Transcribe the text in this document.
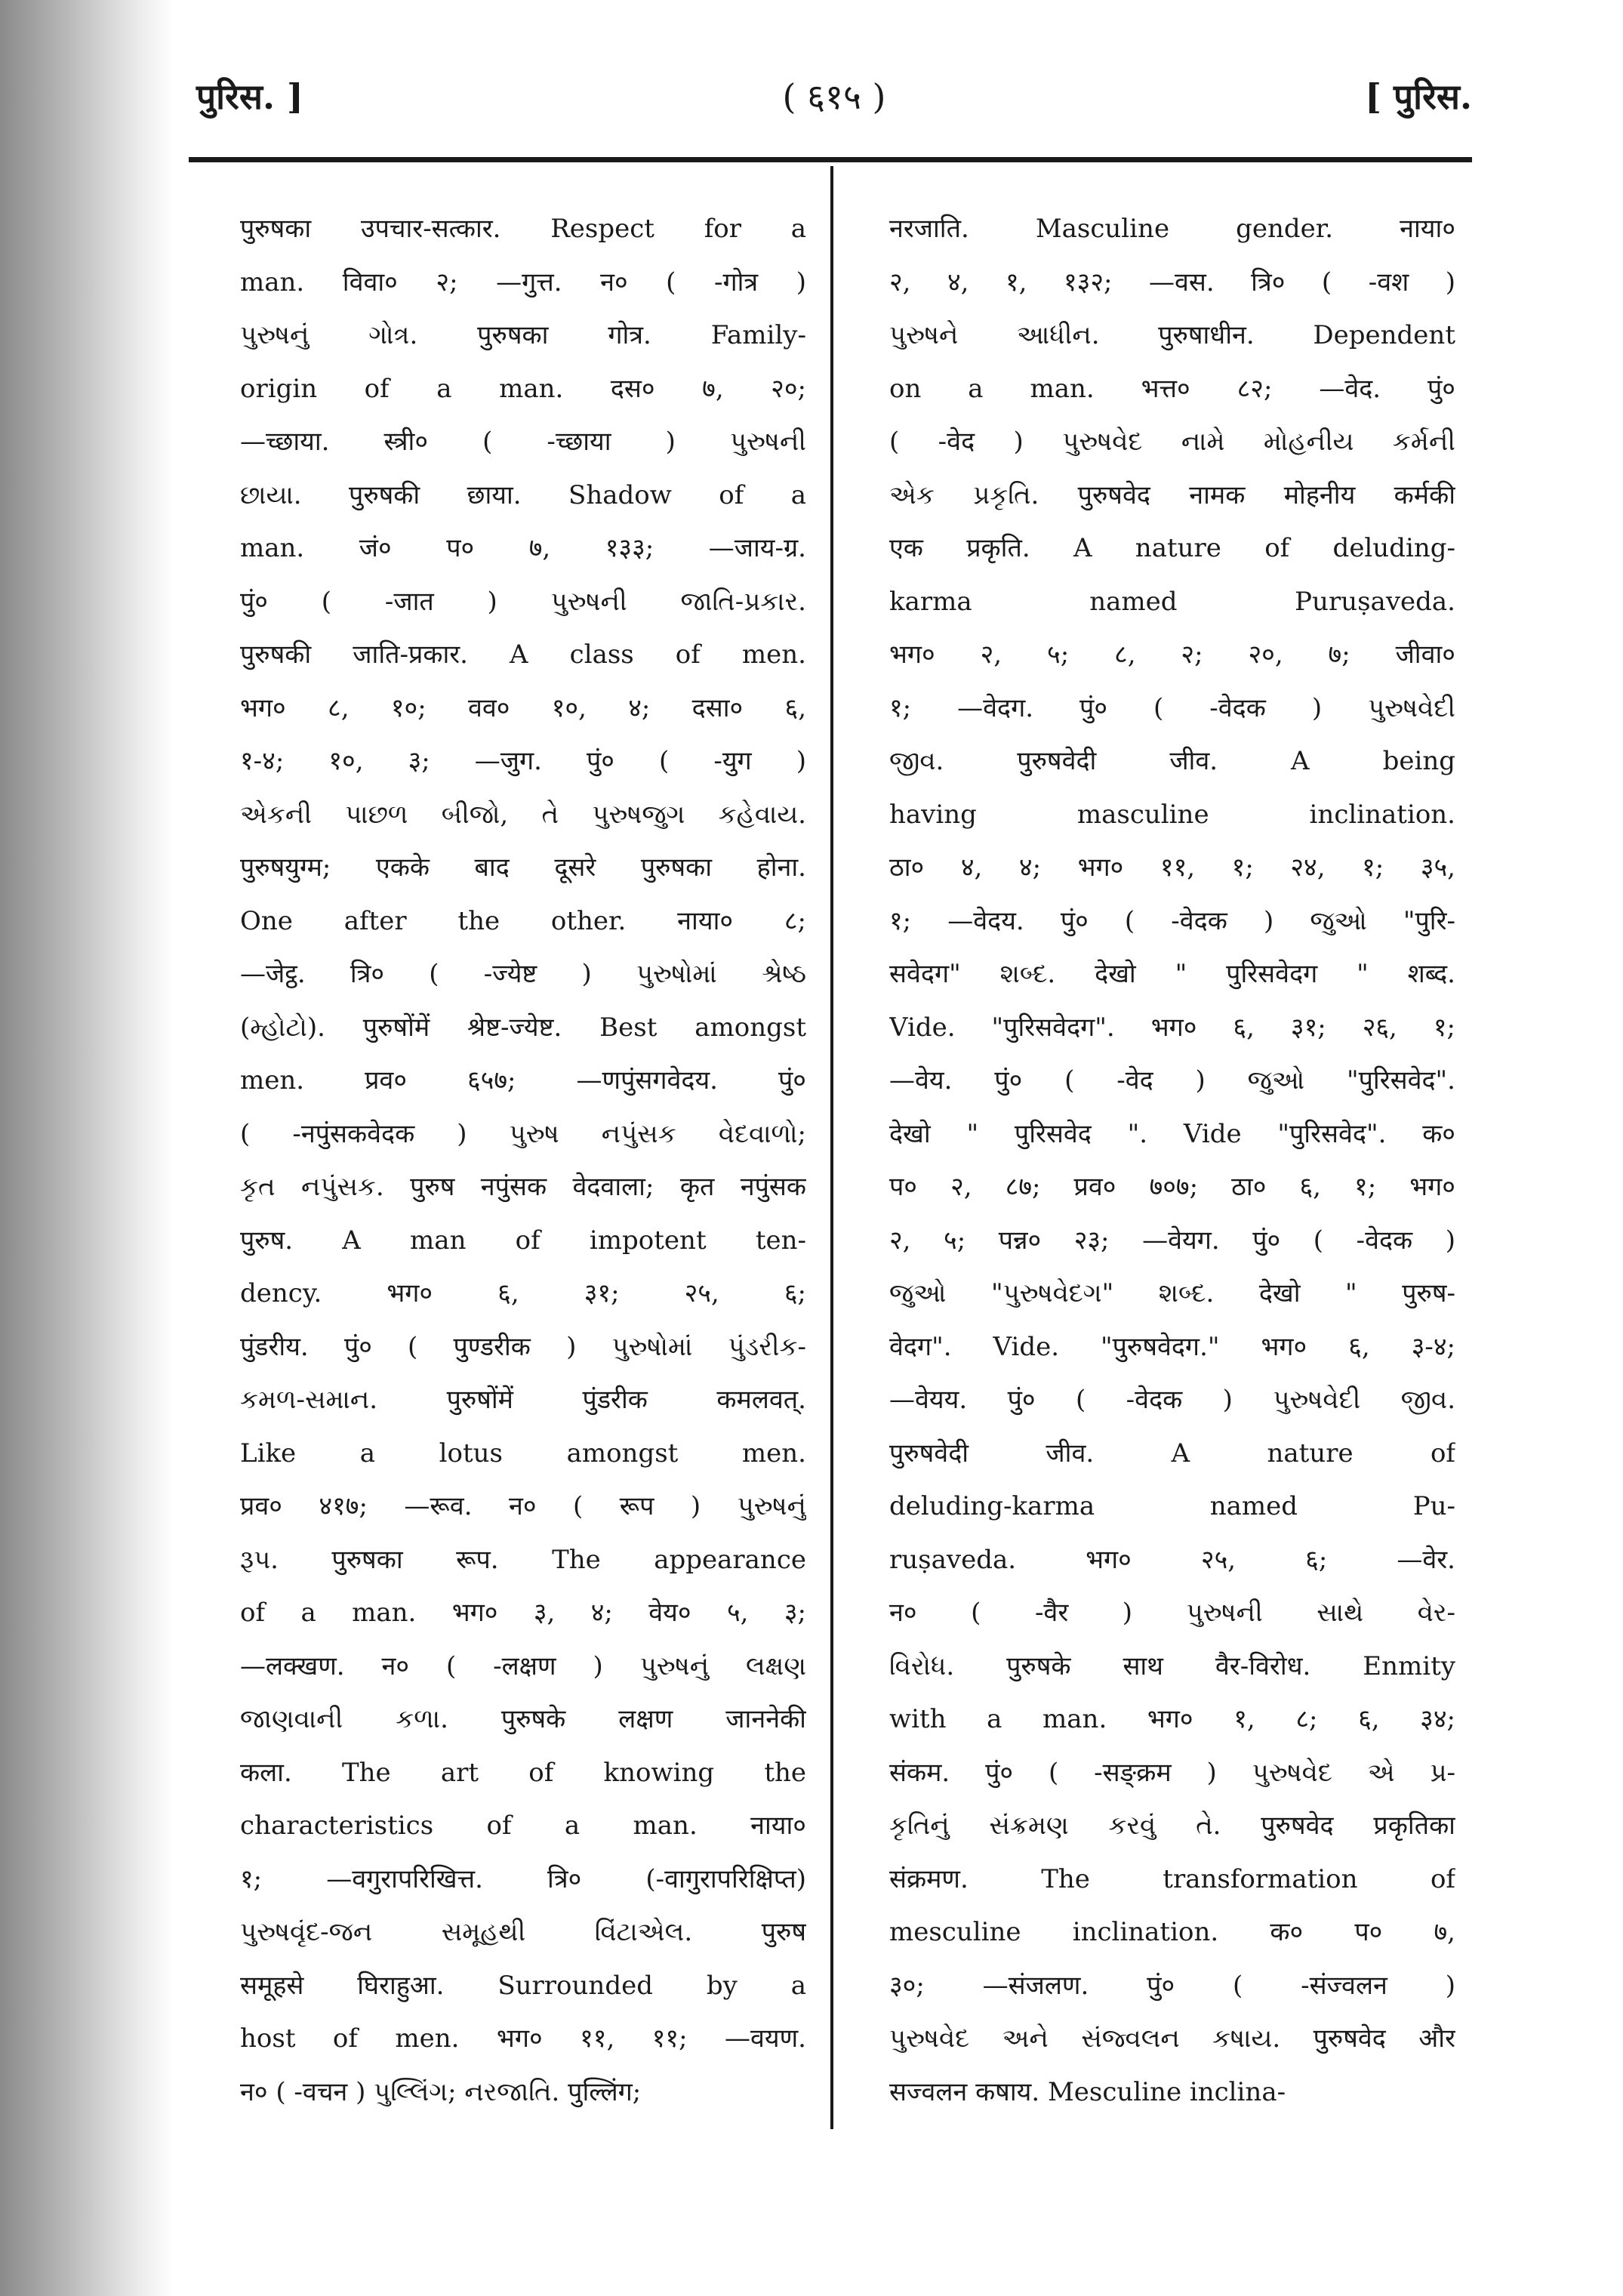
पुरिस. ]	( ६१५ )	[ पुरिस.
पुरुषका उपचार-सत्कार. Respect for a
man. विवा० २; —गुत्त. न० ( -गोत्र )
પુરુષનું ગોત્ર. पुरुषका गोत्र. Family-
origin of a man. दस० ७, २०;
—च्छाया. स्त्री० ( -च्छाया ) પુરુષની
છાયા. पुरुषकी छाया. Shadow of a
man. जं० प० ७, १३३; —जाय-ग्र.
पुं० ( -जात ) પુરુષની જાતિ-પ્રકાર.
पुरुषकी जाति-प्रकार. A class of men.
भग० ८, १०; वव० १०, ४; दसा० ६,
१-४; १०, ३; —जुग. पुं० ( -युग )
એકની પાછળ બીજો, તે પુરુષજુગ કહેવાય.
पुरुषयुग्म; एकके बाद दूसरे पुरुषका होना.
One after the other. नाया० ८;
—जेट्ठ. त्रि० ( -ज्येष्ट ) પુરુષોમાં શ્રેષ્ઠ
(મ્હોટો). पुरुषोंमें श्रेष्ट-ज्येष्ट. Best amongst
men. प्रव० ६५७; —णपुंसगवेदय. पुं०
( -नपुंसकवेदक ) પુરુષ નપુંસક વેદવાળો;
કૃત નપુંસક. पुरुष नपुंसक वेदवाला; कृत नपुंसक
पुरुष. A man of impotent ten-
dency. भग० ६, ३१; २५, ६;
पुंडरीय. पुं० ( पुण्डरीक ) પુરુષોમાં પુંડરીક-
કમળ-સમાન. पुरुषोंमें पुंडरीक कमलवत्.
Like a lotus amongst men.
प्रव० ४१७; —रूव. न० ( रूप ) પુરુષનું
રૂપ. पुरुषका रूप. The appearance
of a man. भग० ३, ४; वेय० ५, ३;
—लक्खण. न० ( -लक्षण ) પુરુષનું લક્ષણ
જાણવાની કળા. पुरुषके लक्षण जाननेकी
कला. The art of knowing the
characteristics of a man. नाया०
१; —वगुरापरिखित्त. त्रि० (-वागुरापरिक्षिप्त)
પુરુષવૃંદ-જન સમૂહથી વિંટાએલ. पुरुष
समूहसे घिराहुआ. Surrounded by a
host of men. भग० ११, ११; —वयण.
न० ( -वचन ) પુલ્લિંગ; નરજાતિ. पुल्लिंग;
नरजाति. Masculine gender. नाया०
२, ४, १, १३२; —वस. त्रि० ( -वश )
પુરુષને આધીન. पुरुषाधीन. Dependent
on a man. भत्त० ८२; —वेद. पुं०
( -वेद ) પુરુષવેદ નામે મોહનીય કર્મની
એક પ્રકૃતિ. पुरुषवेद नामक मोहनीय कर्मकी
एक प्रकृति. A nature of deluding-
karma named Puruṣaveda.
भग० २, ५; ८, २; २०, ७; जीवा०
१; —वेदग. पुं० ( -वेदक ) પુરુષવેદી
જીવ. पुरुषवेदी जीव. A being
having masculine inclination.
ठा० ४, ४; भग० ११, १; २४, १; ३५,
१; —वेदय. पुं० ( -वेदक ) જુઓ "पुरि-
सवेदग" શબ્દ. देखो " पुरिसवेदग " शब्द.
Vide. "पुरिसवेदग". भग० ६, ३१; २६, १;
—वेय. पुं० ( -वेद ) જુઓ "पुरिसवेद".
देखो " पुरिसवेद ". Vide "पुरिसवेद". क०
प० २, ८७; प्रव० ७०७; ठा० ६, १; भग०
२, ५; पन्न० २३; —वेयग. पुं० ( -वेदक )
જુઓ "પુરુષવેદગ" શબ્દ. देखो " पुरुष-
वेदग". Vide. "पुरुषवेदग." भग० ६, ३-४;
—वेयय. पुं० ( -वेदक ) પુરુષવેદી જીવ.
पुरुषवेदी जीव. A nature of
deluding-karma named Pu-
ruṣaveda. भग० २५, ६; —वेर.
न० ( -वैर ) પુરુષની સાથે વેર-
વિરોધ. पुरुषके साथ वैर-विरोध. Enmity
with a man. भग० १, ८; ६, ३४;
संकम. पुं० ( -सङ्क्रम ) પુરુષવેદ એ પ્ર-
કૃતિનું સંક્રમણ કરવું તે. पुरुषवेद प्रकृतिका
संक्रमण. The transformation of
mesculine inclination. क० प० ७,
३०; —संजलण. पुं० ( -संज्वलन )
પુરુષવેદ અને સંજ્વલન કષાય. पुरुषवेद और
सज्वलन कषाय. Mesculine inclina-
